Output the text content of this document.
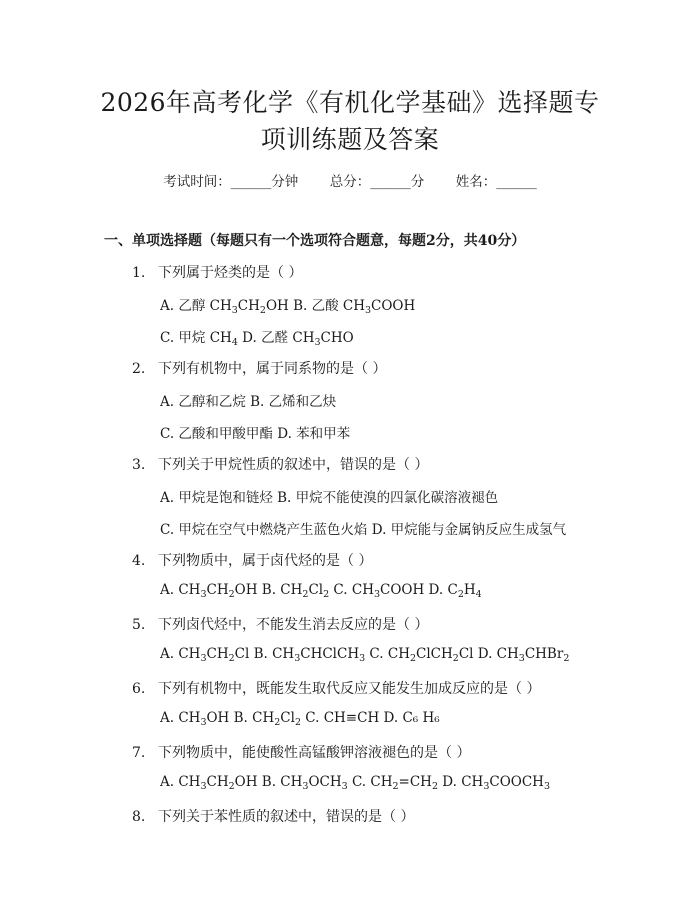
2026年高考化学《有机化学基础》选择题专
项训练题及答案
考试时间：______分钟     总分：______分     姓名：______
一、单项选择题（每题只有一个选项符合题意，每题2分，共40分）
1. 下列属于烃类的是（ ）
A. 乙醇 $CH_3CH_2OH$ B. 乙酸 $CH_3COOH$
C. 甲烷 $CH_4$ D. 乙醛 $CH_3CHO$
2. 下列有机物中，属于同系物的是（ ）
A. 乙醇和乙烷 B. 乙烯和乙炔
C. 乙酸和甲酸甲酯 D. 苯和甲苯
3. 下列关于甲烷性质的叙述中，错误的是（ ）
A. 甲烷是饱和链烃 B. 甲烷不能使溴的四氯化碳溶液褪色
C. 甲烷在空气中燃烧产生蓝色火焰 D. 甲烷能与金属钠反应生成氢气
4. 下列物质中，属于卤代烃的是（ ）
A. $CH_3CH_2OH$ B. $CH_2Cl_2$ C. $CH_3COOH$ D. $C_2H_4$
5. 下列卤代烃中，不能发生消去反应的是（ ）
A. $CH_3CH_2Cl$ B. $CH_3CHClCH_3$ C. $CH_2ClCH_2Cl$ D. $CH_3CHBr_2$
6. 下列有机物中，既能发生取代反应又能发生加成反应的是（ ）
A. $CH_3OH$ B. $CH_2Cl_2$ C. CH≡CH D. C₆ H₆
7. 下列物质中，能使酸性高锰酸钾溶液褪色的是（ ）
A. $CH_3CH_2OH$ B. $CH_3OCH_3$ C. $CH_2=CH_2$ D. $CH_3COOCH_3$
8. 下列关于苯性质的叙述中，错误的是（ ）
